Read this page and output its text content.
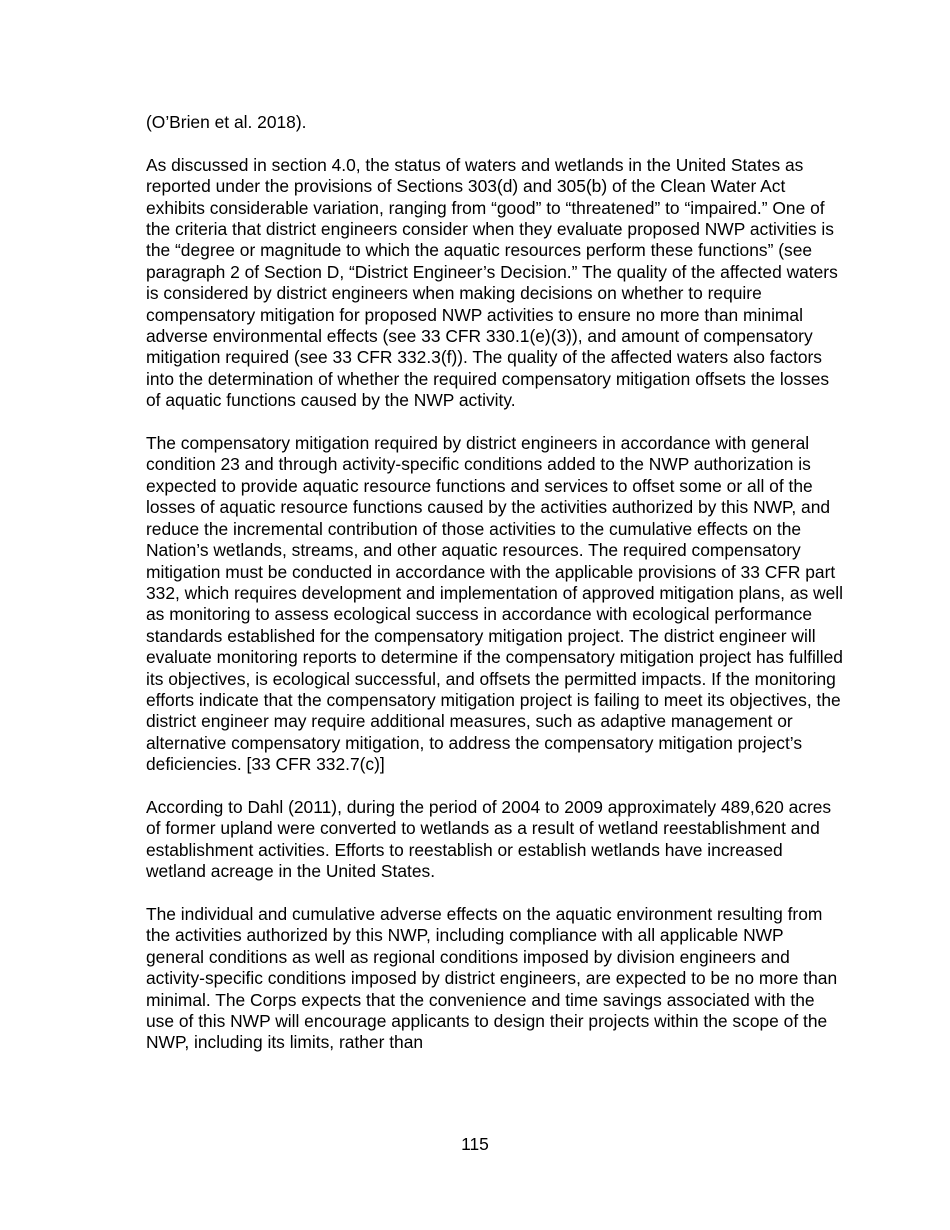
(O’Brien et al. 2018).

As discussed in section 4.0, the status of waters and wetlands in the United States as reported under the provisions of Sections 303(d) and 305(b) of the Clean Water Act exhibits considerable variation, ranging from “good” to “threatened” to “impaired.” One of the criteria that district engineers consider when they evaluate proposed NWP activities is the “degree or magnitude to which the aquatic resources perform these functions” (see paragraph 2 of Section D, “District Engineer’s Decision.” The quality of the affected waters is considered by district engineers when making decisions on whether to require compensatory mitigation for proposed NWP activities to ensure no more than minimal adverse environmental effects (see 33 CFR 330.1(e)(3)), and amount of compensatory mitigation required (see 33 CFR 332.3(f)). The quality of the affected waters also factors into the determination of whether the required compensatory mitigation offsets the losses of aquatic functions caused by the NWP activity.

The compensatory mitigation required by district engineers in accordance with general condition 23 and through activity-specific conditions added to the NWP authorization is expected to provide aquatic resource functions and services to offset some or all of the losses of aquatic resource functions caused by the activities authorized by this NWP, and reduce the incremental contribution of those activities to the cumulative effects on the Nation’s wetlands, streams, and other aquatic resources. The required compensatory mitigation must be conducted in accordance with the applicable provisions of 33 CFR part 332, which requires development and implementation of approved mitigation plans, as well as monitoring to assess ecological success in accordance with ecological performance standards established for the compensatory mitigation project. The district engineer will evaluate monitoring reports to determine if the compensatory mitigation project has fulfilled its objectives, is ecological successful, and offsets the permitted impacts. If the monitoring efforts indicate that the compensatory mitigation project is failing to meet its objectives, the district engineer may require additional measures, such as adaptive management or alternative compensatory mitigation, to address the compensatory mitigation project’s deficiencies. [33 CFR 332.7(c)]

According to Dahl (2011), during the period of 2004 to 2009 approximately 489,620 acres of former upland were converted to wetlands as a result of wetland reestablishment and establishment activities. Efforts to reestablish or establish wetlands have increased wetland acreage in the United States.

The individual and cumulative adverse effects on the aquatic environment resulting from the activities authorized by this NWP, including compliance with all applicable NWP general conditions as well as regional conditions imposed by division engineers and activity-specific conditions imposed by district engineers, are expected to be no more than minimal. The Corps expects that the convenience and time savings associated with the use of this NWP will encourage applicants to design their projects within the scope of the NWP, including its limits, rather than

115
